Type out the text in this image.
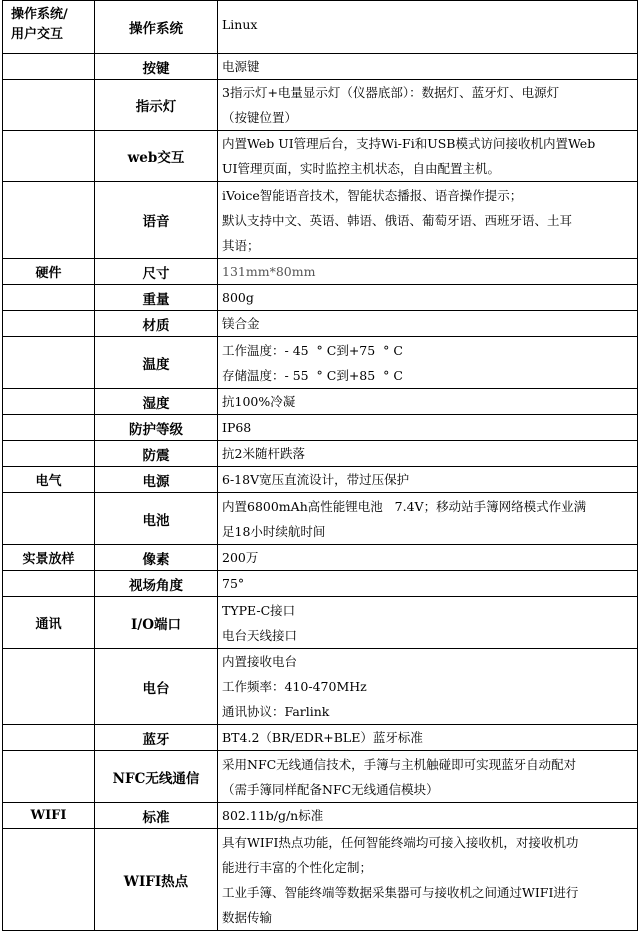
操作系统/
用户交互	操作系统	Linux

	按键	电源键

	指示灯	3指示灯+电量显示灯（仪器底部）：数据灯、蓝牙灯、电源灯
（按键位置）

	web交互	内置Web UI管理后台，支持Wi-Fi和USB模式访问接收机内置Web
UI管理页面，实时监控主机状态，自由配置主机。

	语音	iVoice智能语音技术，智能状态播报、语音操作提示；
默认支持中文、英语、韩语、俄语、葡萄牙语、西班牙语、土耳
其语；

硬件	尺寸	131mm*80mm

	重量	800g

	材质	镁合金

	温度	工作温度：- 45  ° C到+75  ° C
存储温度：- 55  ° C到+85  ° C

	湿度	抗100%冷凝

	防护等级	IP68

	防震	抗2米随杆跌落

电气	电源	6-18V宽压直流设计，带过压保护

	电池	内置6800mAh高性能锂电池   7.4V；移动站手簿网络模式作业满
足18小时续航时间

实景放样	像素	200万

	视场角度	75°

通讯	I/O端口	TYPE-C接口
电台天线接口

	电台	内置接收电台
工作频率：410-470MHz
通讯协议：Farlink

	蓝牙	BT4.2（BR/EDR+BLE）蓝牙标准

	NFC无线通信	采用NFC无线通信技术，手簿与主机触碰即可实现蓝牙自动配对
（需手簿同样配备NFC无线通信模块）

WIFI	标准	802.11b/g/n标准

	WIFI热点	具有WIFI热点功能，任何智能终端均可接入接收机，对接收机功
能进行丰富的个性化定制；
工业手簿、智能终端等数据采集器可与接收机之间通过WIFI进行
数据传输
